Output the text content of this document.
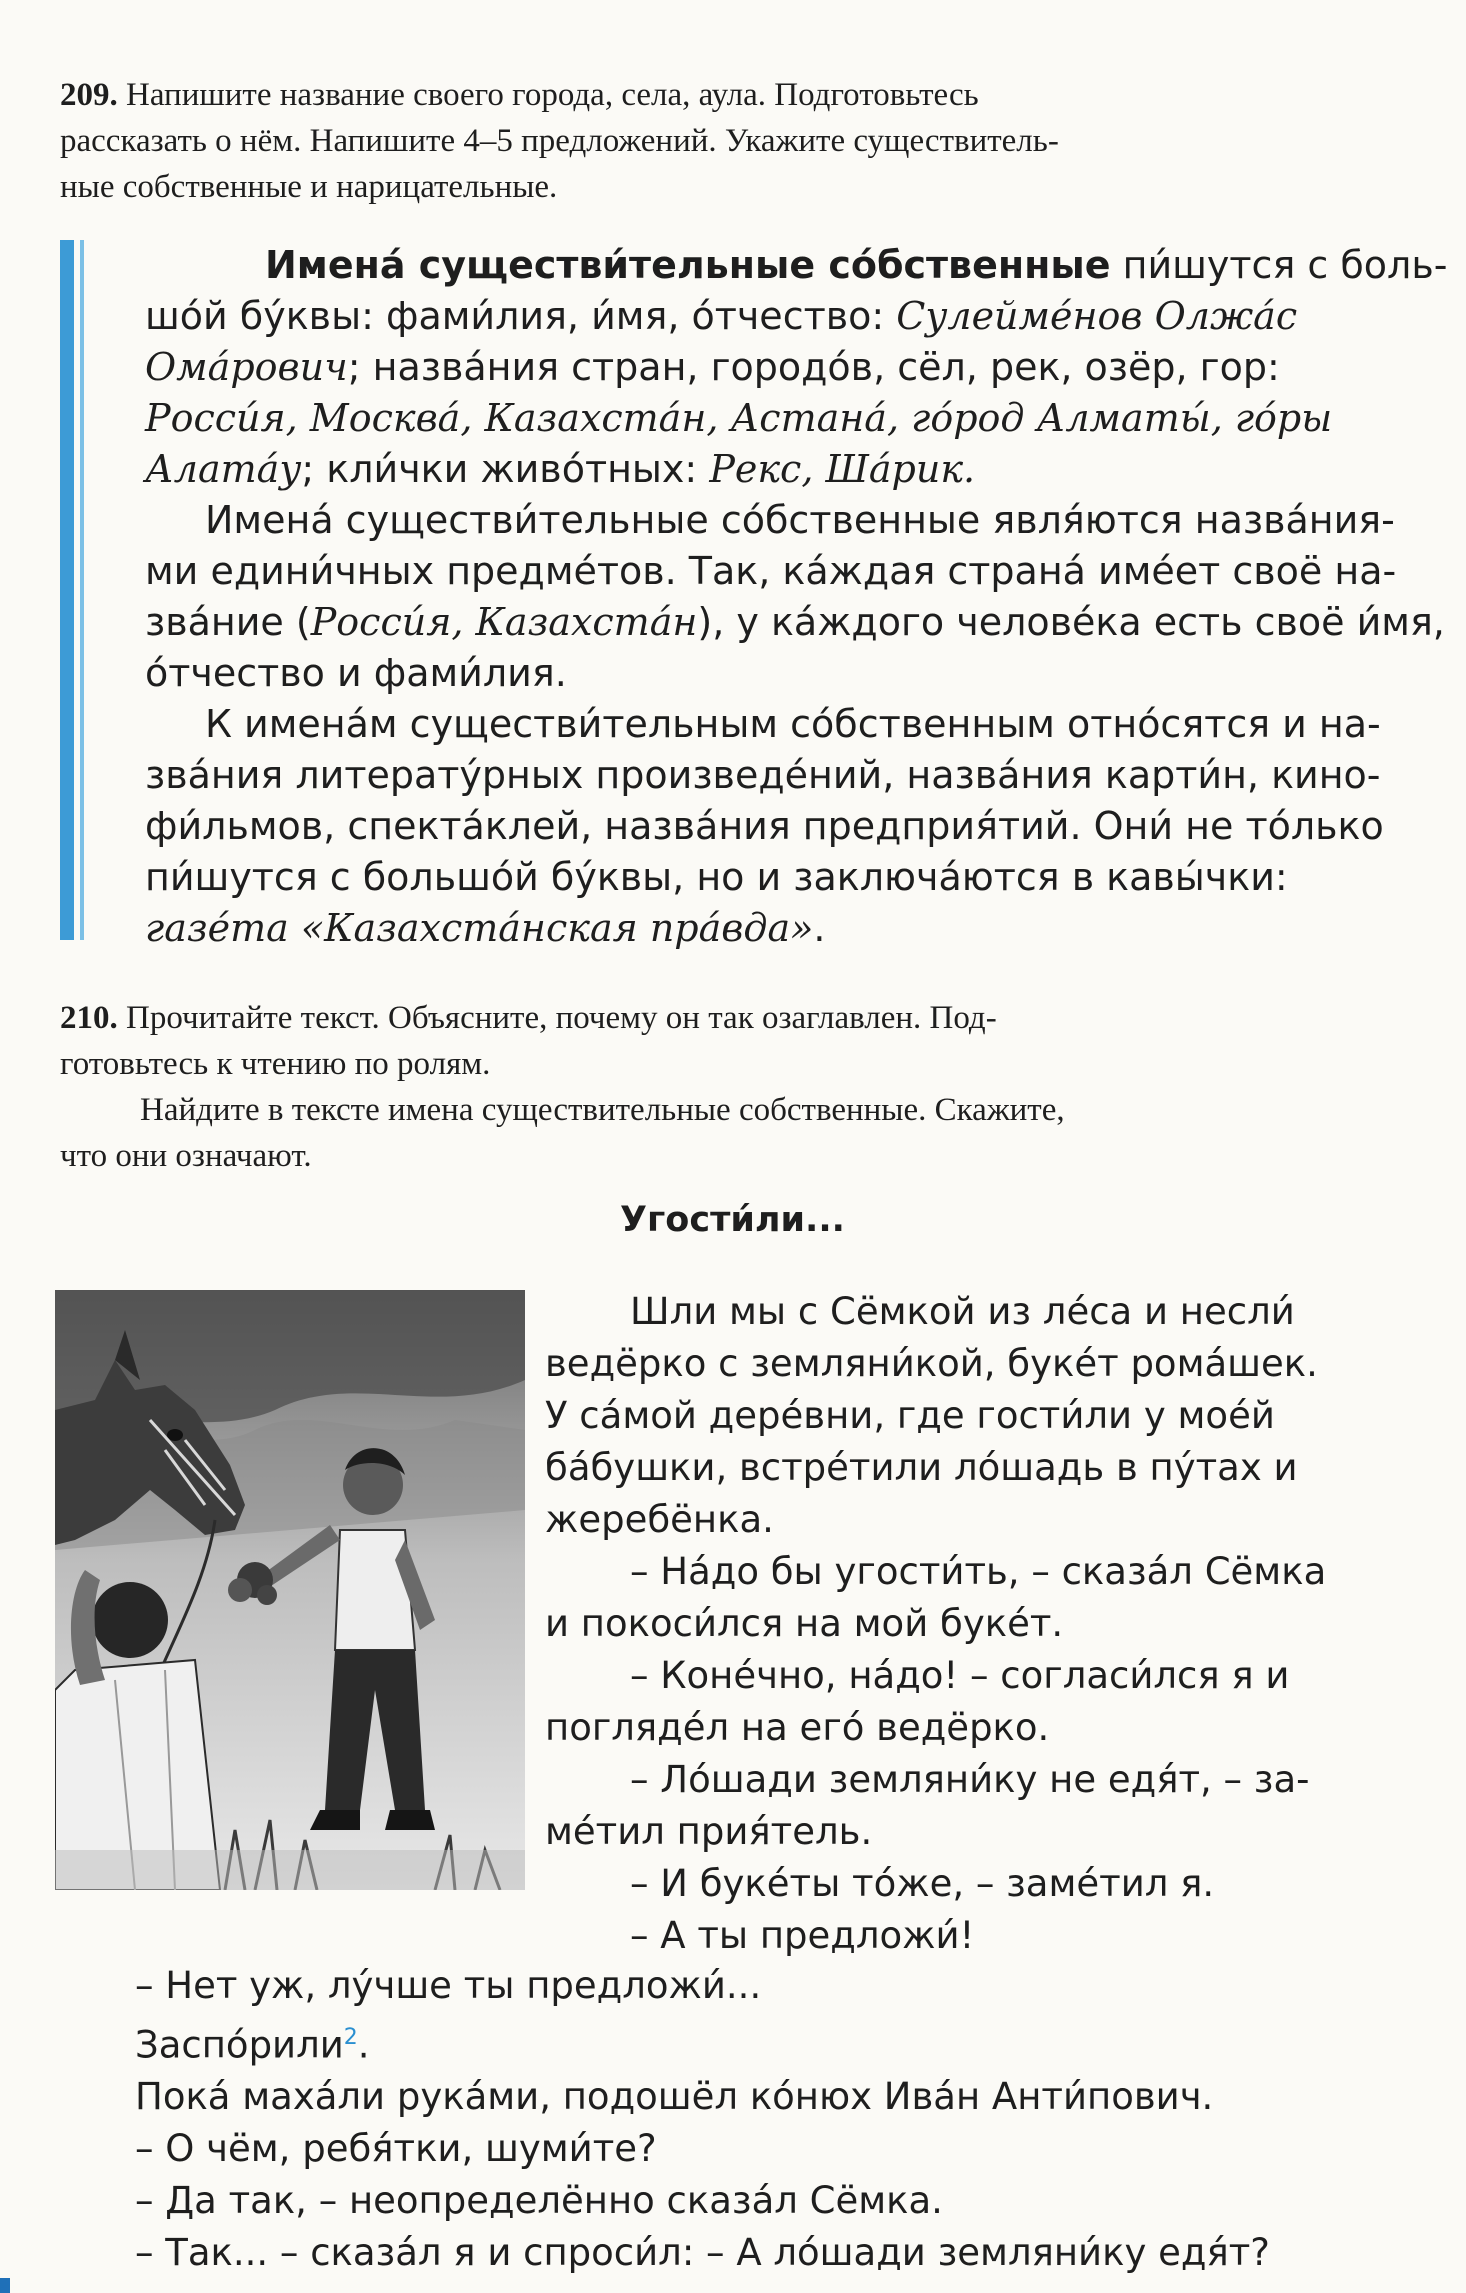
209. Напишите название своего города, села, аула. Подготовьтесь
рассказать о нём. Напишите 4–5 предложений. Укажите существитель-
ные собственные и нарицательные.
Имена́ существи́тельные со́бственные пи́шутся с боль-
шо́й бу́квы: фами́лия, и́мя, о́тчество: Сулейме́нов Олжа́с
Ома́рович; назва́ния стран, городо́в, сёл, рек, озёр, гор:
Росси́я, Москва́, Казахста́н, Астана́, го́род Алматы́, го́ры
Алата́у; кли́чки живо́тных: Рекс, Ша́рик.
Имена́ существи́тельные со́бственные явля́ются назва́ния-
ми едини́чных предме́тов. Так, ка́ждая страна́ име́ет своё на-
зва́ние (Росси́я, Казахста́н), у ка́ждого челове́ка есть своё и́мя,
о́тчество и фами́лия.
К имена́м существи́тельным со́бственным отно́сятся и на-
зва́ния литерату́рных произведе́ний, назва́ния карти́н, кино-
фи́льмов, спекта́клей, назва́ния предприя́тий. Они́ не то́лько
пи́шутся с большо́й бу́квы, но и заключа́ются в кавы́чки:
газе́та «Казахста́нская пра́вда».
210. Прочитайте текст. Объясните, почему он так озаглавлен. Под-
готовьтесь к чтению по ролям.
Найдите в тексте имена существительные собственные. Скажите,
что они означают.
Угости́ли...
Шли мы с Сёмкой из ле́са и несли́
ведёрко с земляни́кой, буке́т рома́шек.
У са́мой дере́вни, где гости́ли у мое́й
ба́бушки, встре́тили ло́шадь в пу́тах и
жеребёнка.
– На́до бы угости́ть, – сказа́л Сёмка
и покоси́лся на мой буке́т.
– Коне́чно, на́до! – согласи́лся я и
погляде́л на его́ ведёрко.
– Ло́шади земляни́ку не едя́т, – за-
ме́тил прия́тель.
– И буке́ты то́же, – заме́тил я.
– А ты предложи́!
– Нет уж, лу́чше ты предложи́...
Заспо́рили$^2$.
Пока́ маха́ли рука́ми, подошёл ко́нюх Ива́н Анти́пович.
– О чём, ребя́тки, шуми́те?
– Да так, – неопределённо сказа́л Сёмка.
– Так... – сказа́л я и спроси́л: – А ло́шади земляни́ку едя́т?
